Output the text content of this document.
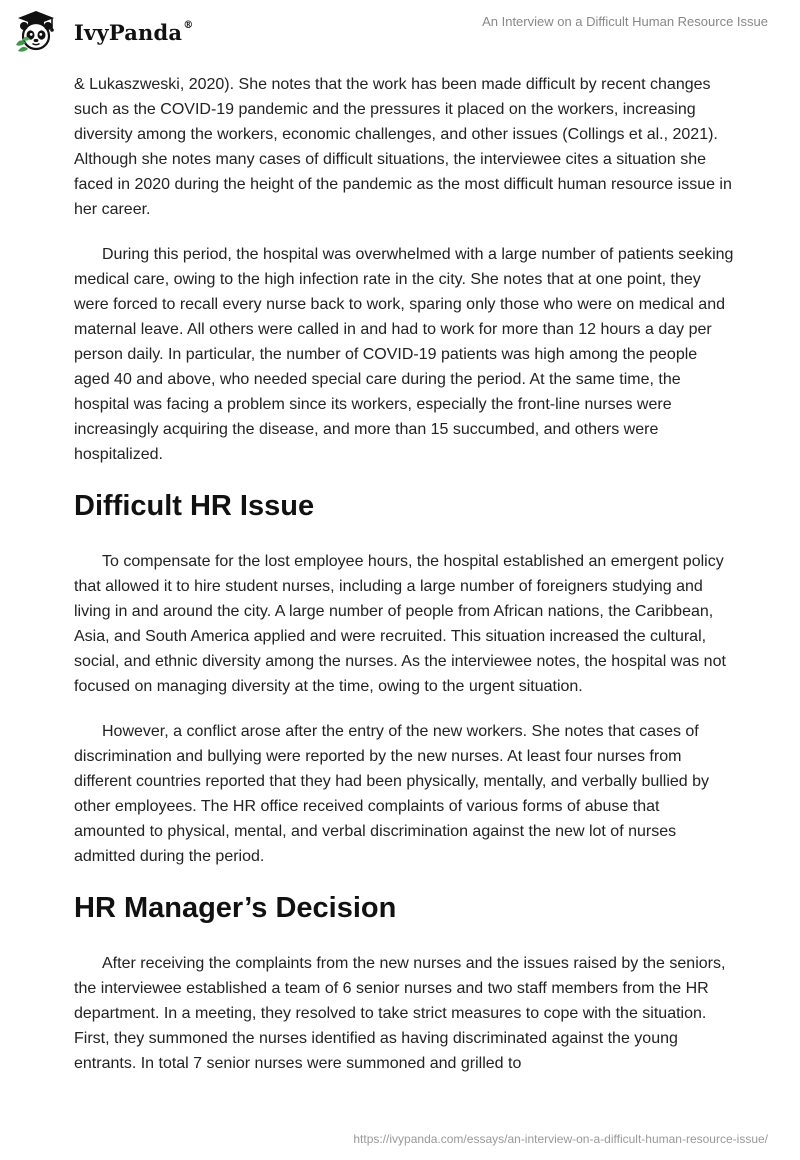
IvyPanda®	An Interview on a Difficult Human Resource Issue

& Lukaszweski, 2020). She notes that the work has been made difficult by recent changes such as the COVID-19 pandemic and the pressures it placed on the workers, increasing diversity among the workers, economic challenges, and other issues (Collings et al., 2021). Although she notes many cases of difficult situations, the interviewee cites a situation she faced in 2020 during the height of the pandemic as the most difficult human resource issue in her career.

During this period, the hospital was overwhelmed with a large number of patients seeking medical care, owing to the high infection rate in the city. She notes that at one point, they were forced to recall every nurse back to work, sparing only those who were on medical and maternal leave. All others were called in and had to work for more than 12 hours a day per person daily. In particular, the number of COVID-19 patients was high among the people aged 40 and above, who needed special care during the period. At the same time, the hospital was facing a problem since its workers, especially the front-line nurses were increasingly acquiring the disease, and more than 15 succumbed, and others were hospitalized.

Difficult HR Issue

To compensate for the lost employee hours, the hospital established an emergent policy that allowed it to hire student nurses, including a large number of foreigners studying and living in and around the city. A large number of people from African nations, the Caribbean, Asia, and South America applied and were recruited. This situation increased the cultural, social, and ethnic diversity among the nurses. As the interviewee notes, the hospital was not focused on managing diversity at the time, owing to the urgent situation.

However, a conflict arose after the entry of the new workers. She notes that cases of discrimination and bullying were reported by the new nurses. At least four nurses from different countries reported that they had been physically, mentally, and verbally bullied by other employees. The HR office received complaints of various forms of abuse that amounted to physical, mental, and verbal discrimination against the new lot of nurses admitted during the period.

HR Manager’s Decision

After receiving the complaints from the new nurses and the issues raised by the seniors, the interviewee established a team of 6 senior nurses and two staff members from the HR department. In a meeting, they resolved to take strict measures to cope with the situation. First, they summoned the nurses identified as having discriminated against the young entrants. In total 7 senior nurses were summoned and grilled to

https://ivypanda.com/essays/an-interview-on-a-difficult-human-resource-issue/
